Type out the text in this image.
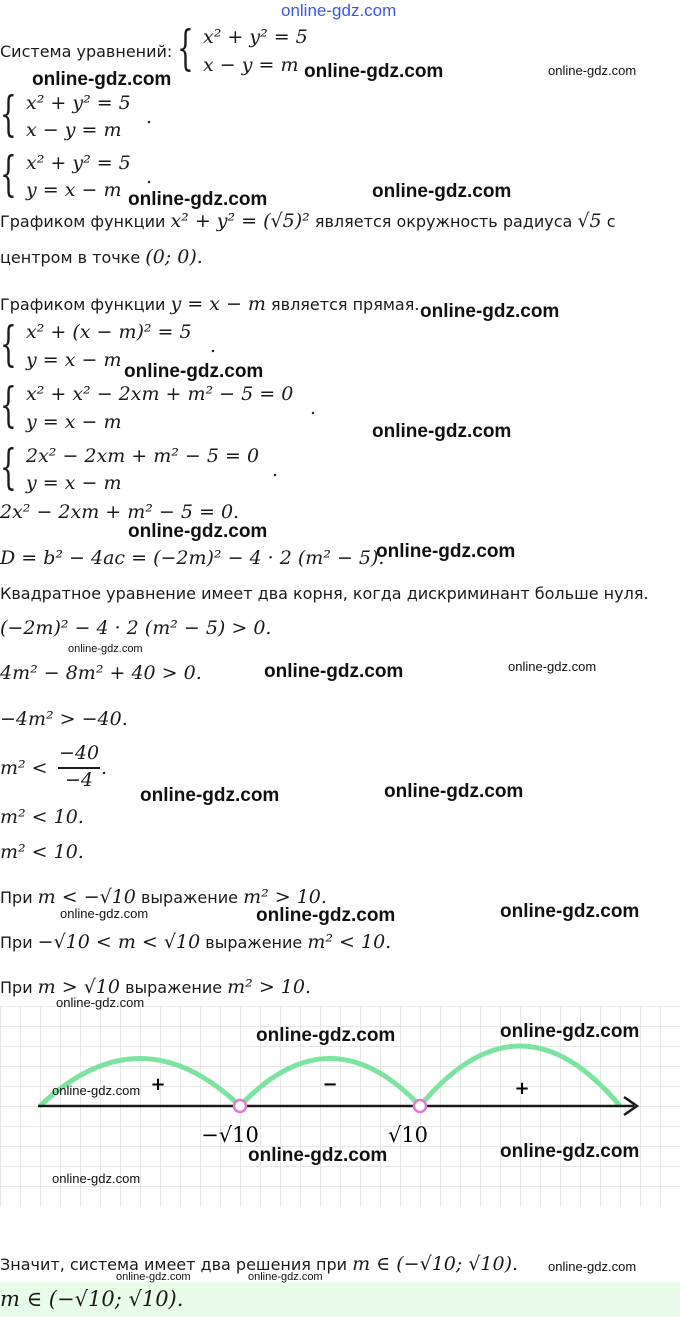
online-gdz.com
Система уравнений: { x² + y² = 5
x − y = m
{ x² + y² = 5
x − y = m
.
{ x² + y² = 5
y = x − m
.
Графиком функции x² + y² = (√5)² является окружность радиуса √5 с
центром в точке (0; 0).
Графиком функции y = x − m является прямая.
{ x² + (x − m)² = 5
y = x − m
.
{ x² + x² − 2xm + m² − 5 = 0
y = x − m
.
{ 2x² − 2xm + m² − 5 = 0
y = x − m
.
2x² − 2xm + m² − 5 = 0.
D = b² − 4ac = (−2m)² − 4 · 2 (m² − 5).
Квадратное уравнение имеет два корня, когда дискриминант больше нуля.
(−2m)² − 4 · 2 (m² − 5) > 0.
4m² − 8m² + 40 > 0.
−4m² > −40.
m² <
−40
−4
.
m² < 10.
m² < 10.
При m < −√10 выражение m² > 10.
При −√10 < m < √10 выражение m² < 10.
При m > √10 выражение m² > 10.
+	−	+
−√10	√10
Значит, система имеет два решения при m ∈ (−√10; √10).
m ∈ (−√10; √10).
online-gdz.com	online-gdz.com	online-gdz.com
online-gdz.com	online-gdz.com
online-gdz.com
online-gdz.com
online-gdz.com
online-gdz.com
online-gdz.com
online-gdz.com
online-gdz.com	online-gdz.com
online-gdz.com	online-gdz.com
online-gdz.com	online-gdz.com	online-gdz.com
online-gdz.com
online-gdz.com	online-gdz.com
online-gdz.com
online-gdz.com	online-gdz.com
online-gdz.com
online-gdz.com
online-gdz.com	online-gdz.com
